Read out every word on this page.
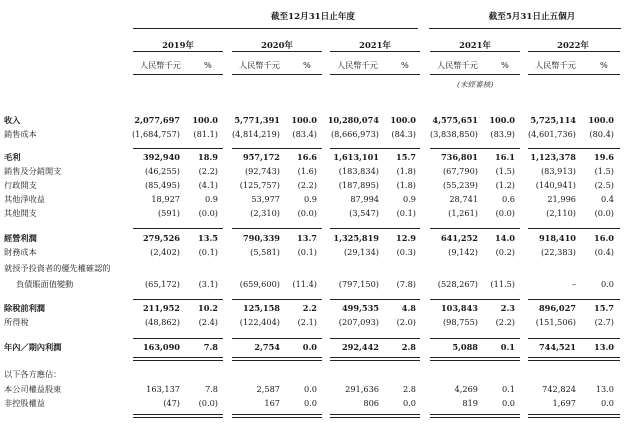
截至12月31日止年度	截至5月31日止五個月
2019年	2020年	2021年	2021年	2022年
人民幣千元	%	人民幣千元	%	人民幣千元	%	人民幣千元	%	人民幣千元	%
(未經審核)
收入	2,077,697	100.0	5,771,391	100.0	10,280,074	100.0	4,575,651	100.0	5,725,114	100.0
銷售成本	(1,684,757)	(81.1)	(4,814,219)	(83.4)	(8,666,973)	(84.3)	(3,838,850)	(83.9)	(4,601,736)	(80.4)
毛利	392,940	18.9	957,172	16.6	1,613,101	15.7	736,801	16.1	1,123,378	19.6
銷售及分銷開支	(46,255)	(2.2)	(92,743)	(1.6)	(183,834)	(1.8)	(67,790)	(1.5)	(83,913)	(1.5)
行政開支	(85,495)	(4.1)	(125,757)	(2.2)	(187,895)	(1.8)	(55,239)	(1.2)	(140,941)	(2.5)
其他淨收益	18,927	0.9	53,977	0.9	87,994	0.9	28,741	0.6	21,996	0.4
其他開支	(591)	(0.0)	(2,310)	(0.0)	(3,547)	(0.1)	(1,261)	(0.0)	(2,110)	(0.0)
經營利潤	279,526	13.5	790,339	13.7	1,325,819	12.9	641,252	14.0	918,410	16.0
財務成本	(2,402)	(0.1)	(5,581)	(0.1)	(29,134)	(0.3)	(9,142)	(0.2)	(22,383)	(0.4)
就授予投資者的優先權確認的
負債賬面值變動	(65,172)	(3.1)	(659,600)	(11.4)	(797,150)	(7.8)	(528,267)	(11.5)	–	0.0
除稅前利潤	211,952	10.2	125,158	2.2	499,535	4.8	103,843	2.3	896,027	15.7
所得稅	(48,862)	(2.4)	(122,404)	(2.1)	(207,093)	(2.0)	(98,755)	(2.2)	(151,506)	(2.7)
年內／期內利潤	163,090	7.8	2,754	0.0	292,442	2.8	5,088	0.1	744,521	13.0
以下各方應佔：
本公司權益股東	163,137	7.8	2,587	0.0	291,636	2.8	4,269	0.1	742,824	13.0
非控股權益	(47)	(0.0)	167	0.0	806	0.0	819	0.0	1,697	0.0
